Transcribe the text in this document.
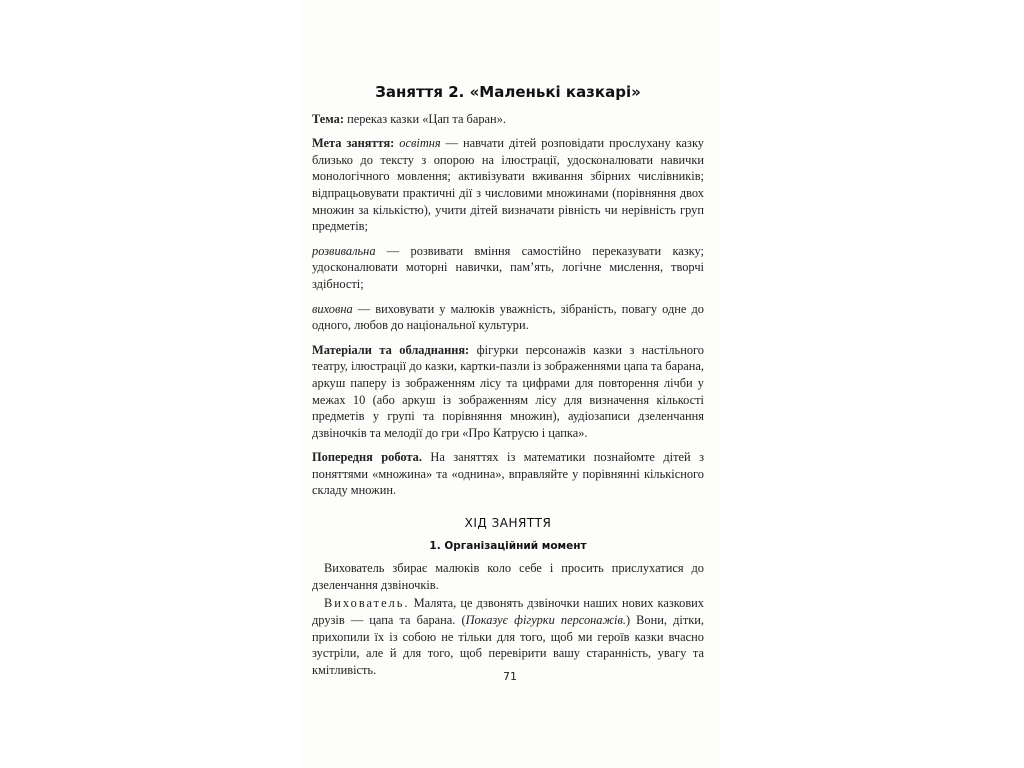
Заняття 2. «Маленькі казкарі»

Тема: переказ казки «Цап та баран».

Мета заняття: освітня — навчати дітей розповідати прослухану казку близько до тексту з опорою на ілюстрації, удосконалювати навички монологічного мовлення; активізувати вживання збірних числівників; відпрацьовувати практичні дії з числовими множинами (порівняння двох множин за кількістю), учити дітей визначати рівність чи нерівність груп предметів;

розвивальна — розвивати вміння самостійно переказувати казку; удосконалювати моторні навички, пам’ять, логічне мислення, творчі здібності;

виховна — виховувати у малюків уважність, зібраність, повагу одне до одного, любов до національної культури.

Матеріали та обладнання: фігурки персонажів казки з настільного театру, ілюстрації до казки, картки-пазли із зображеннями цапа та барана, аркуш паперу із зображенням лісу та цифрами для повторення лічби у межах 10 (або аркуш із зображенням лісу для визначення кількості предметів у групі та порівняння множин), аудіозаписи дзеленчання дзвіночків та мелодії до гри «Про Катрусю і цапка».

Попередня робота. На заняттях із математики познайомте дітей з поняттями «множина» та «однина», вправляйте у порівнянні кількісного складу множин.

ХІД ЗАНЯТТЯ
1. Організаційний момент

Вихователь збирає малюків коло себе і просить прислухатися до дзеленчання дзвіночків.

Вихователь. Малята, це дзвонять дзвіночки наших нових казкових друзів — цапа та барана. (Показує фігурки персонажів.) Вони, дітки, прихопили їх із собою не тільки для того, щоб ми героїв казки вчасно зустріли, але й для того, щоб перевірити вашу старанність, увагу та кмітливість.	71
